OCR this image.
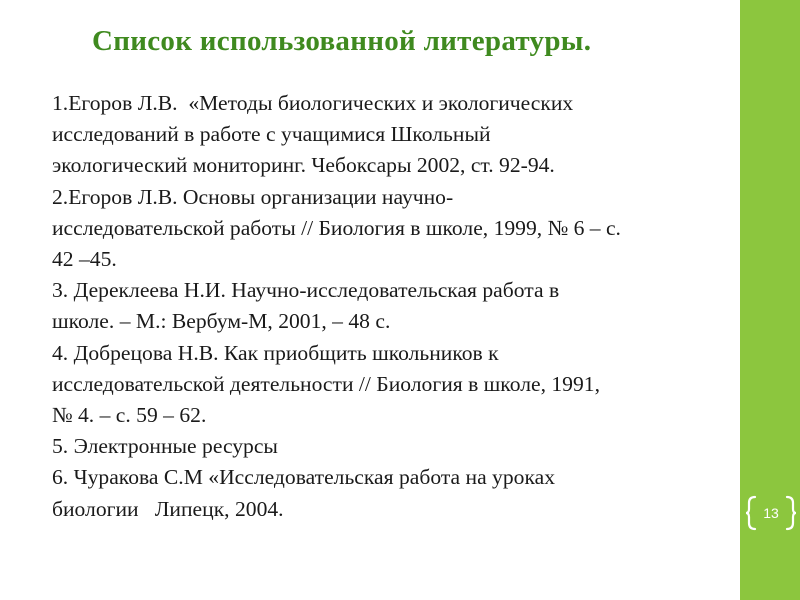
Список использованной литературы.
1.Егоров Л.В.  «Методы биологических и экологических
исследований в работе с учащимися Школьный
экологический мониторинг. Чебоксары 2002, ст. 92-94.
2.Егоров Л.В. Основы организации научно-
исследовательской работы // Биология в школе, 1999, № 6 – с.
42 –45.
3. Дереклеева Н.И. Научно-исследовательская работа в
школе. – М.: Вербум-М, 2001, – 48 с.
4. Добрецова Н.В. Как приобщить школьников к
исследовательской деятельности // Биология в школе, 1991,
№ 4. – с. 59 – 62.
5. Электронные ресурсы
6. Чуракова С.М «Исследовательская работа на уроках
биологии   Липецк, 2004.	13
